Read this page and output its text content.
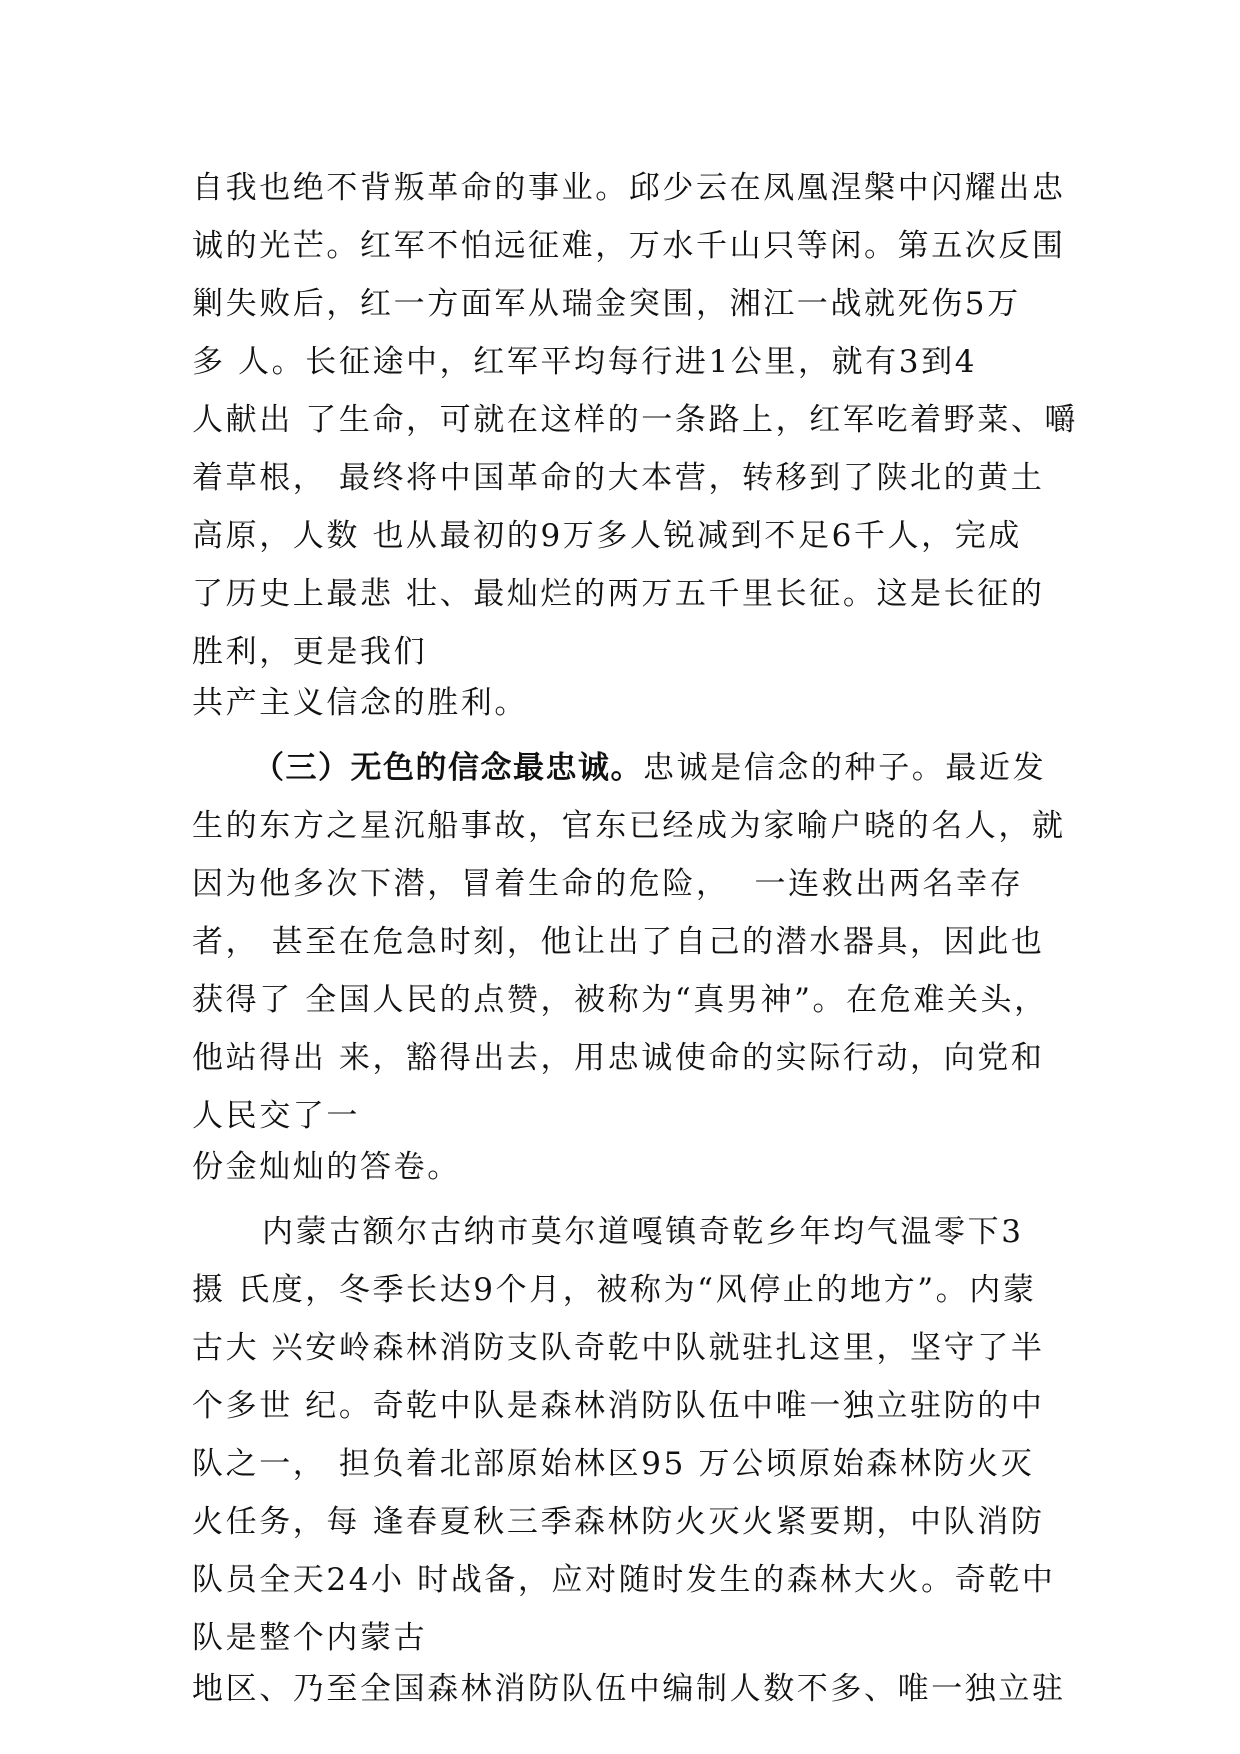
自我也绝不背叛革命的事业。邱少云在凤凰涅槃中闪耀出忠
诚的光芒。红军不怕远征难，万水千山只等闲。第五次反围
剿失败后，红一方面军从瑞金突围，湘江一战就死伤5万
多 人。长征途中，红军平均每行进1公里，就有3到4
人献出 了生命，可就在这样的一条路上，红军吃着野菜、嚼
着草根， 最终将中国革命的大本营，转移到了陕北的黄土
高原，人数 也从最初的9万多人锐减到不足6千人，完成
了历史上最悲 壮、最灿烂的两万五千里长征。这是长征的
胜利，更是我们
共产主义信念的胜利。
（三）无色的信念最忠诚。忠诚是信念的种子。最近发
生的东方之星沉船事故，官东已经成为家喻户晓的名人，就
因为他多次下潜，冒着生命的危险，  一连救出两名幸存
者， 甚至在危急时刻，他让出了自己的潜水器具，因此也
获得了 全国人民的点赞，被称为“真男神”。在危难关头，
他站得出 来，豁得出去，用忠诚使命的实际行动，向党和
人民交了一
份金灿灿的答卷。
内蒙古额尔古纳市莫尔道嘎镇奇乾乡年均气温零下3
摄 氏度，冬季长达9个月，被称为“风停止的地方”。内蒙
古大 兴安岭森林消防支队奇乾中队就驻扎这里，坚守了半
个多世 纪。奇乾中队是森林消防队伍中唯一独立驻防的中
队之一， 担负着北部原始林区95 万公顷原始森林防火灭
火任务，每 逢春夏秋三季森林防火灭火紧要期，中队消防
队员全天24小 时战备，应对随时发生的森林大火。奇乾中
队是整个内蒙古
地区、乃至全国森林消防队伍中编制人数不多、唯一独立驻
